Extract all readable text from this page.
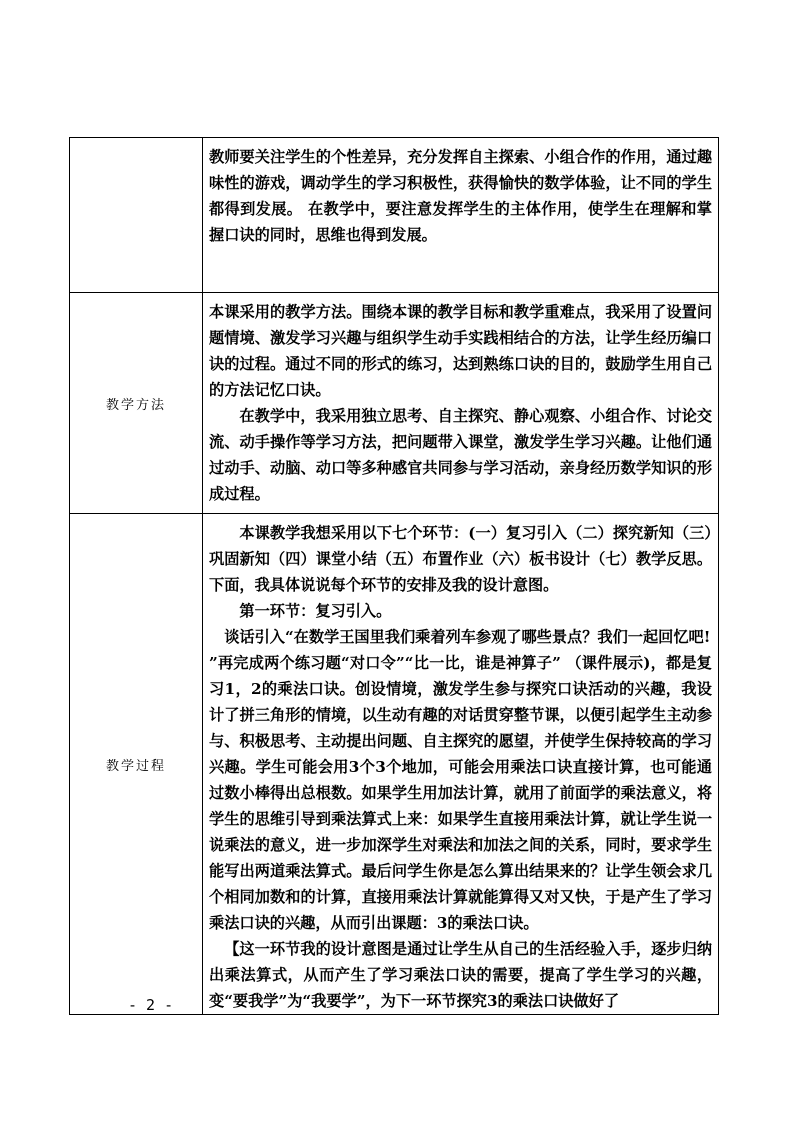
	教师要关注学生的个性差异，充分发挥自主探索、小组合作的作用，通过趣味性的游戏，调动学生的学习积极性，获得愉快的数学体验，让不同的学生都得到发展。 在教学中，要注意发挥学生的主体作用，使学生在理解和掌握口诀的同时，思维也得到发展。

教学方法	本课采用的教学方法。围绕本课的教学目标和教学重难点，我采用了设置问题情境、激发学习兴趣与组织学生动手实践相结合的方法，让学生经历编口诀的过程。通过不同的形式的练习，达到熟练口诀的目的，鼓励学生用自己的方法记忆口诀。

在教学中，我采用独立思考、自主探究、静心观察、小组合作、讨论交流、动手操作等学习方法，把问题带入课堂，激发学生学习兴趣。让他们通过动手、动脑、动口等多种感官共同参与学习活动，亲身经历数学知识的形成过程。

教学过程	本课教学我想采用以下七个环节：(一）复习引入（二）探究新知（三）巩固新知（四）课堂小结（五）布置作业（六）板书设计（七）教学反思。下面，我具体说说每个环节的安排及我的设计意图。

第一环节：复习引入。

谈话引入“在数学王国里我们乘着列车参观了哪些景点？我们一起回忆吧!

”再完成两个练习题“对口令”“比一比，谁是神算子” （课件展示)，都是复习1，2的乘法口诀。创设情境，激发学生参与探究口诀活动的兴趣，我设计了拼三角形的情境，以生动有趣的对话贯穿整节课，以便引起学生主动参与、积极思考、主动提出问题、自主探究的愿望，并使学生保持较高的学习兴趣。学生可能会用3个3个地加，可能会用乘法口诀直接计算，也可能通过数小棒得出总根数。如果学生用加法计算，就用了前面学的乘法意义，将学生的思维引导到乘法算式上来：如果学生直接用乘法计算，就让学生说一说乘法的意义，进一步加深学生对乘法和加法之间的关系，同时，要求学生能写出两道乘法算式。最后问学生你是怎么算出结果来的？让学生领会求几个相同加数和的计算，直接用乘法计算就能算得又对又快，于是产生了学习乘法口诀的兴趣，从而引出课题：3的乘法口诀。

【这一环节我的设计意图是通过让学生从自己的生活经验入手，逐步归纳出乘法算式，从而产生了学习乘法口诀的需要，提高了学生学习的兴趣，变“要我学”为“我要学”，为下一环节探究3的乘法口诀做好了

- 2 -
